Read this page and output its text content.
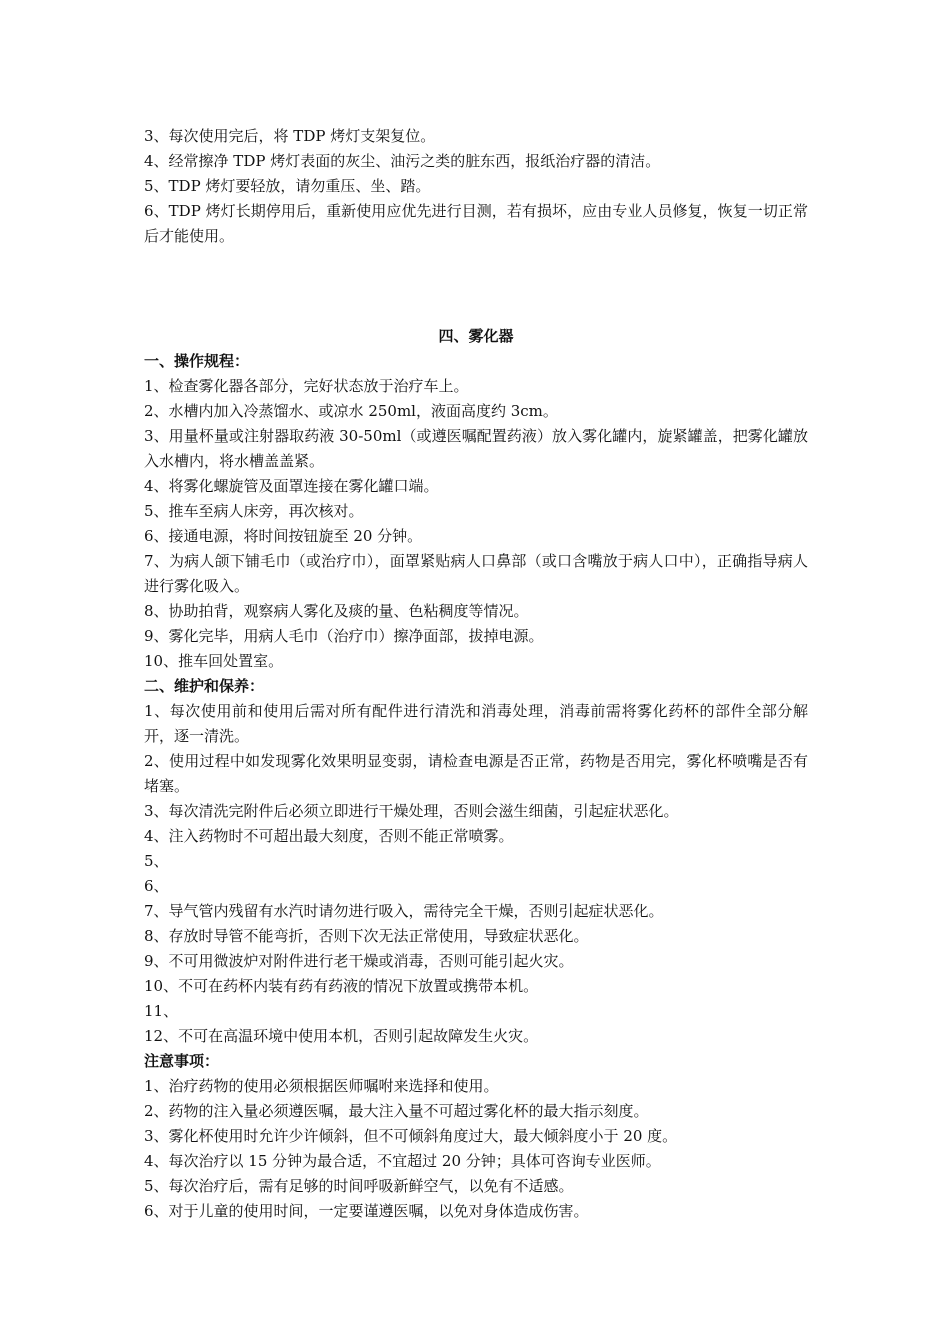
3、每次使用完后，将 TDP 烤灯支架复位。
4、经常擦净 TDP 烤灯表面的灰尘、油污之类的脏东西，报纸治疗器的清洁。
5、TDP 烤灯要轻放，请勿重压、坐、踏。
6、TDP 烤灯长期停用后，重新使用应优先进行目测，若有损坏，应由专业人员修复，恢复一切正常后才能使用。
四、雾化器
一、操作规程：
1、检查雾化器各部分，完好状态放于治疗车上。
2、水槽内加入冷蒸馏水、或凉水 250ml，液面高度约 3cm。
3、用量杯量或注射器取药液 30-50ml（或遵医嘱配置药液）放入雾化罐内，旋紧罐盖，把雾化罐放入水槽内，将水槽盖盖紧。
4、将雾化螺旋管及面罩连接在雾化罐口端。
5、推车至病人床旁，再次核对。
6、接通电源，将时间按钮旋至 20 分钟。
7、为病人颌下铺毛巾（或治疗巾），面罩紧贴病人口鼻部（或口含嘴放于病人口中），正确指导病人进行雾化吸入。
8、协助拍背，观察病人雾化及痰的量、色粘稠度等情况。
9、雾化完毕，用病人毛巾（治疗巾）擦净面部，拔掉电源。
10、推车回处置室。
二、维护和保养：
1、每次使用前和使用后需对所有配件进行清洗和消毒处理，消毒前需将雾化药杯的部件全部分解开，逐一清洗。
2、使用过程中如发现雾化效果明显变弱，请检查电源是否正常，药物是否用完，雾化杯喷嘴是否有堵塞。
3、每次清洗完附件后必须立即进行干燥处理，否则会滋生细菌，引起症状恶化。
4、注入药物时不可超出最大刻度，否则不能正常喷雾。
5、
6、
7、导气管内残留有水汽时请勿进行吸入，需待完全干燥，否则引起症状恶化。
8、存放时导管不能弯折，否则下次无法正常使用，导致症状恶化。
9、不可用微波炉对附件进行老干燥或消毒，否则可能引起火灾。
10、不可在药杯内装有药有药液的情况下放置或携带本机。
11、
12、不可在高温环境中使用本机，否则引起故障发生火灾。
注意事项：
1、治疗药物的使用必须根据医师嘱咐来选择和使用。
2、药物的注入量必须遵医嘱，最大注入量不可超过雾化杯的最大指示刻度。
3、雾化杯使用时允许少许倾斜，但不可倾斜角度过大，最大倾斜度小于 20 度。
4、每次治疗以 15 分钟为最合适，不宜超过 20 分钟；具体可咨询专业医师。
5、每次治疗后，需有足够的时间呼吸新鲜空气，以免有不适感。
6、对于儿童的使用时间，一定要谨遵医嘱，以免对身体造成伤害。
